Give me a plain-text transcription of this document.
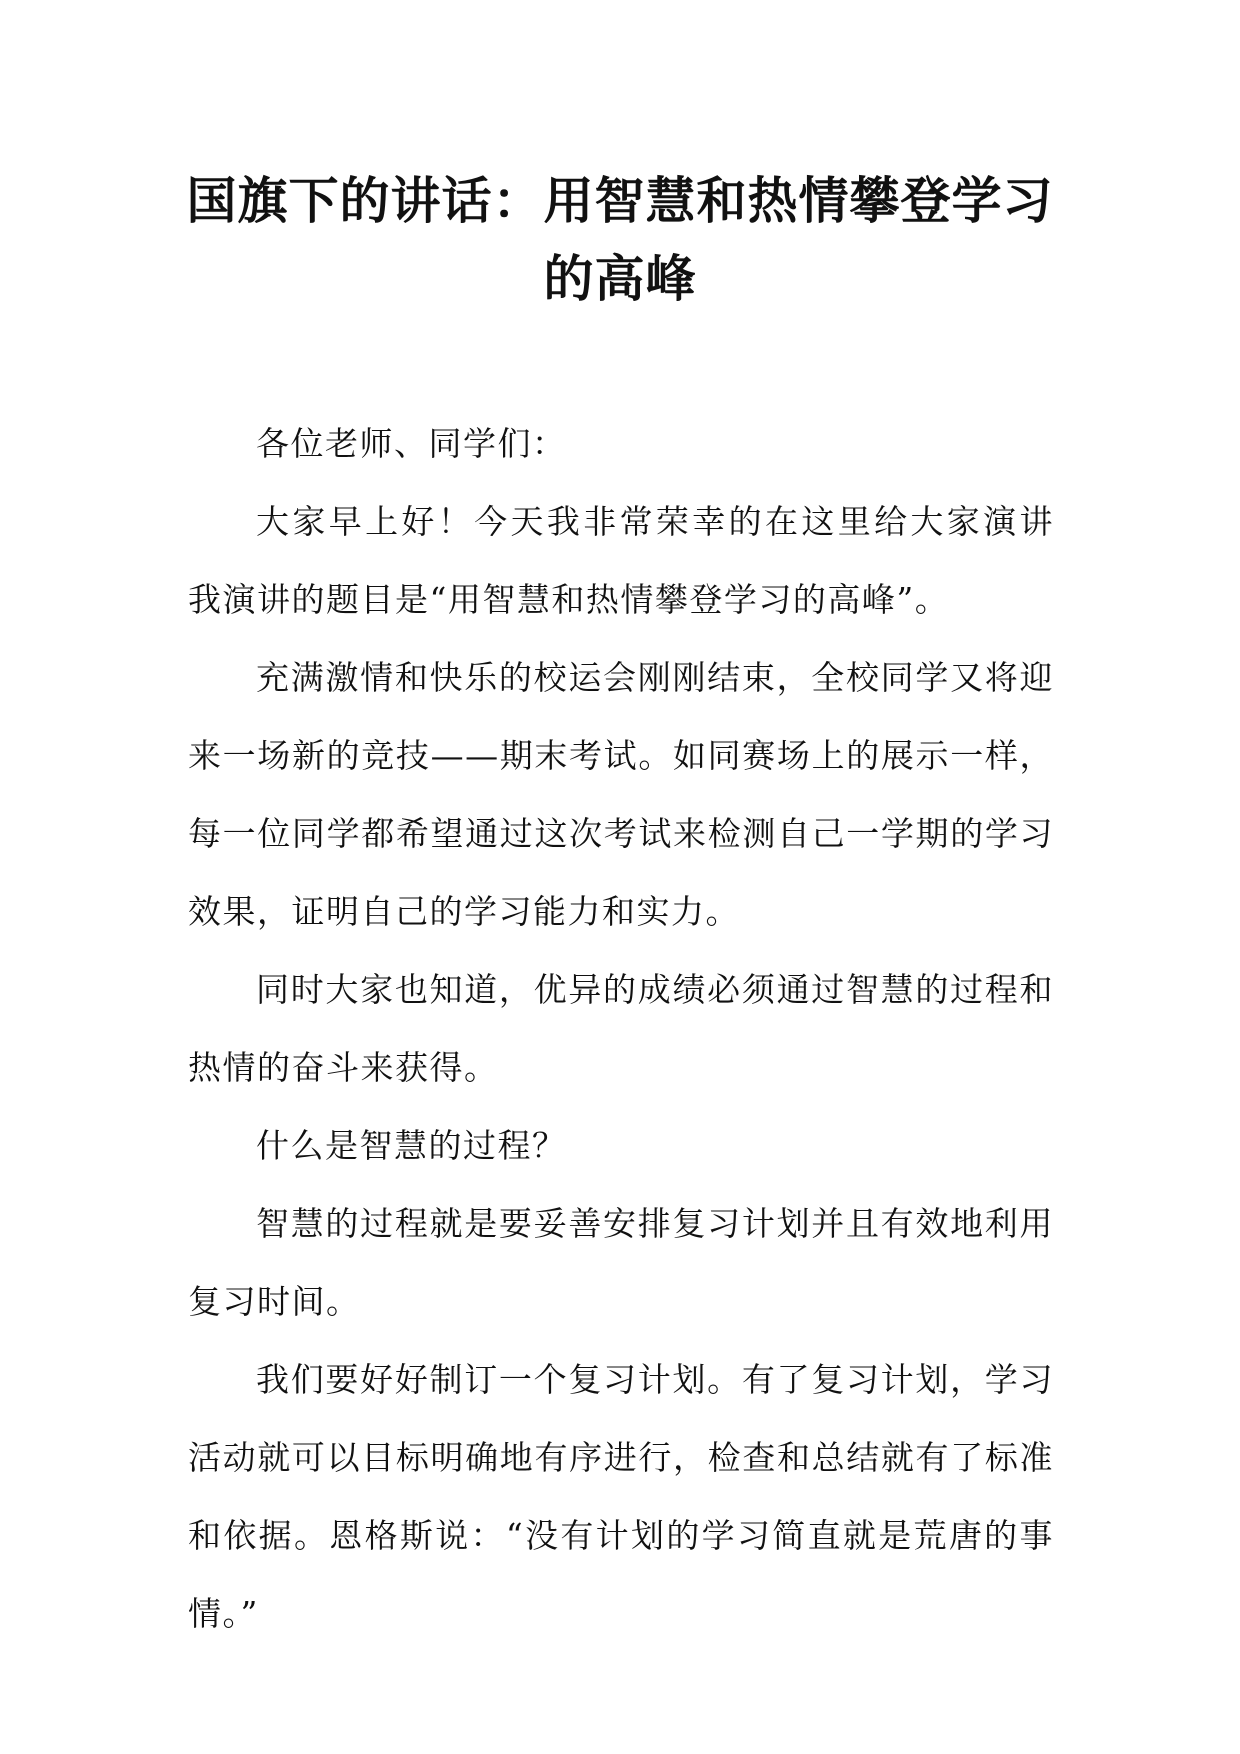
国旗下的讲话：用智慧和热情攀登学习的高峰

各位老师、同学们：

大家早上好！今天我非常荣幸的在这里给大家演讲 我演讲的题目是“用智慧和热情攀登学习的高峰”。

充满激情和快乐的校运会刚刚结束，全校同学又将迎来一场新的竞技——期末考试。如同赛场上的展示一样，每一位同学都希望通过这次考试来检测自己一学期的学习效果，证明自己的学习能力和实力。

同时大家也知道，优异的成绩必须通过智慧的过程和热情的奋斗来获得。

什么是智慧的过程？

智慧的过程就是要妥善安排复习计划并且有效地利用复习时间。

我们要好好制订一个复习计划。有了复习计划，学习活动就可以目标明确地有序进行，检查和总结就有了标准和依据。恩格斯说：“没有计划的学习简直就是荒唐的事情。”
